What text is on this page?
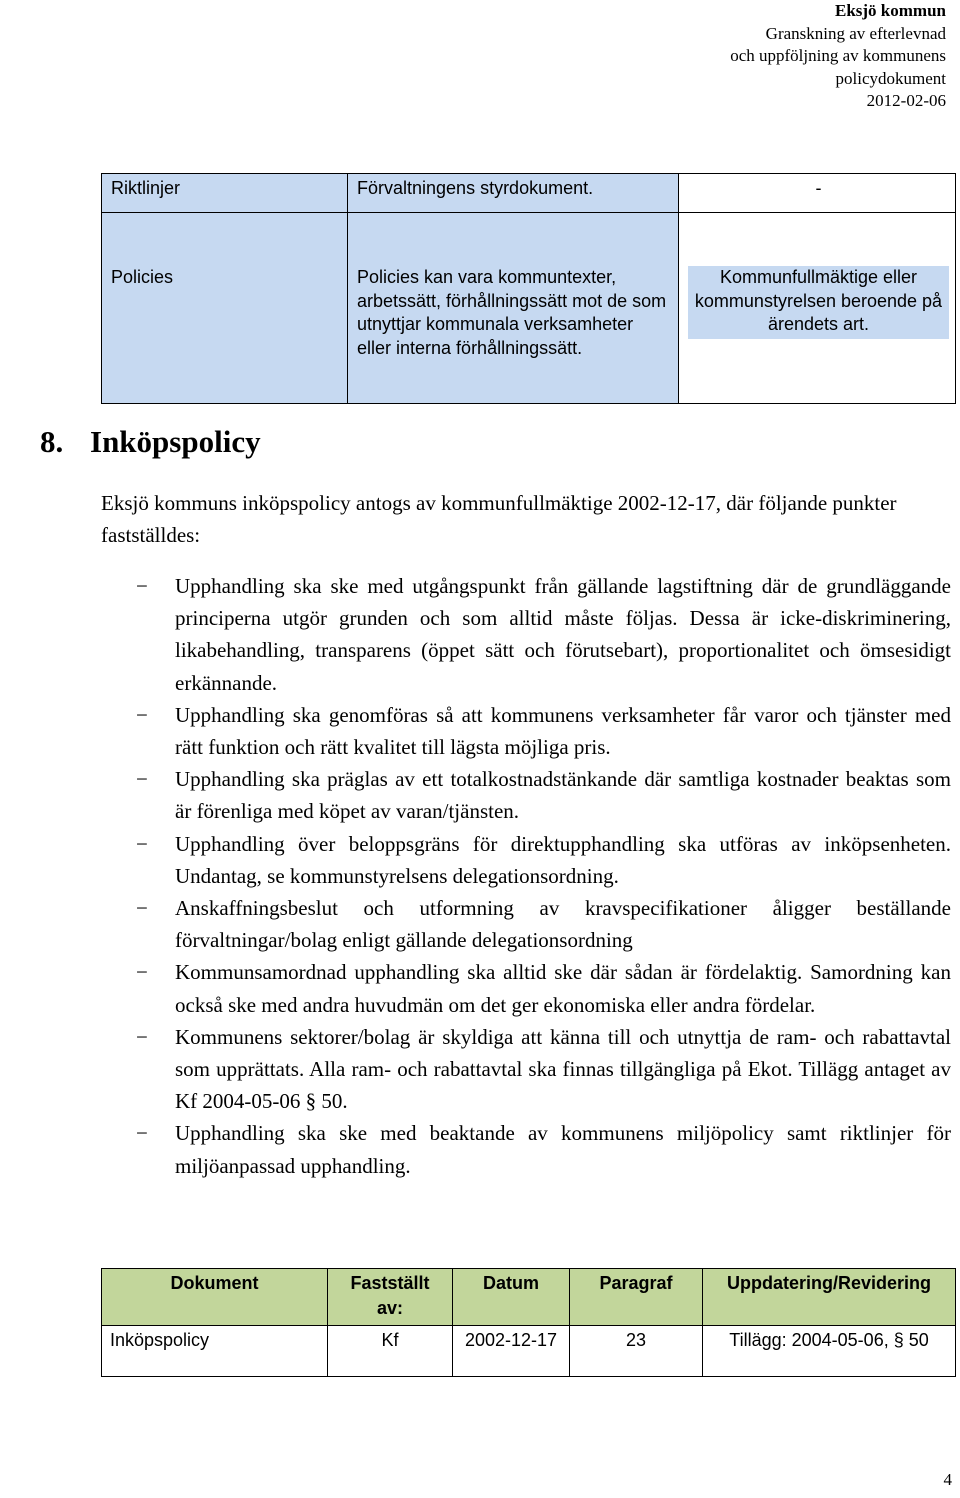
Eksjö kommun
Granskning av efterlevnad
och uppföljning av kommunens
policydokument
2012-02-06
Riktlinjer	Förvaltningens styrdokument.	-
Policies	Policies kan vara kommuntexter, arbetssätt, förhållningssätt mot de som utnyttjar kommunala verksamheter eller interna förhållningssätt.	Kommunfullmäktige eller kommunstyrelsen beroende på ärendets art.
8. Inköpspolicy
Eksjö kommuns inköpspolicy antogs av kommunfullmäktige 2002-12-17, där följande punkter fastställdes:
− Upphandling ska ske med utgångspunkt från gällande lagstiftning där de grundläggande principerna utgör grunden och som alltid måste följas. Dessa är icke-diskriminering, likabehandling, transparens (öppet sätt och förutsebart), proportionalitet och ömsesidigt erkännande.
− Upphandling ska genomföras så att kommunens verksamheter får varor och tjänster med rätt funktion och rätt kvalitet till lägsta möjliga pris.
− Upphandling ska präglas av ett totalkostnadstänkande där samtliga kostnader beaktas som är förenliga med köpet av varan/tjänsten.
− Upphandling över beloppsgräns för direktupphandling ska utföras av inköpsenheten. Undantag, se kommunstyrelsens delegationsordning.
− Anskaffningsbeslut och utformning av kravspecifikationer åligger beställande förvaltningar/bolag enligt gällande delegationsordning
− Kommunsamordnad upphandling ska alltid ske där sådan är fördelaktig. Samordning kan också ske med andra huvudmän om det ger ekonomiska eller andra fördelar.
− Kommunens sektorer/bolag är skyldiga att känna till och utnyttja de ram- och rabattavtal som upprättats. Alla ram- och rabattavtal ska finnas tillgängliga på Ekot. Tillägg antaget av Kf 2004-05-06 § 50.
− Upphandling ska ske med beaktande av kommunens miljöpolicy samt riktlinjer för miljöanpassad upphandling.
Dokument	Fastställt av:	Datum	Paragraf	Uppdatering/Revidering
Inköpspolicy	Kf	2002-12-17	23	Tillägg: 2004-05-06, § 50
4
